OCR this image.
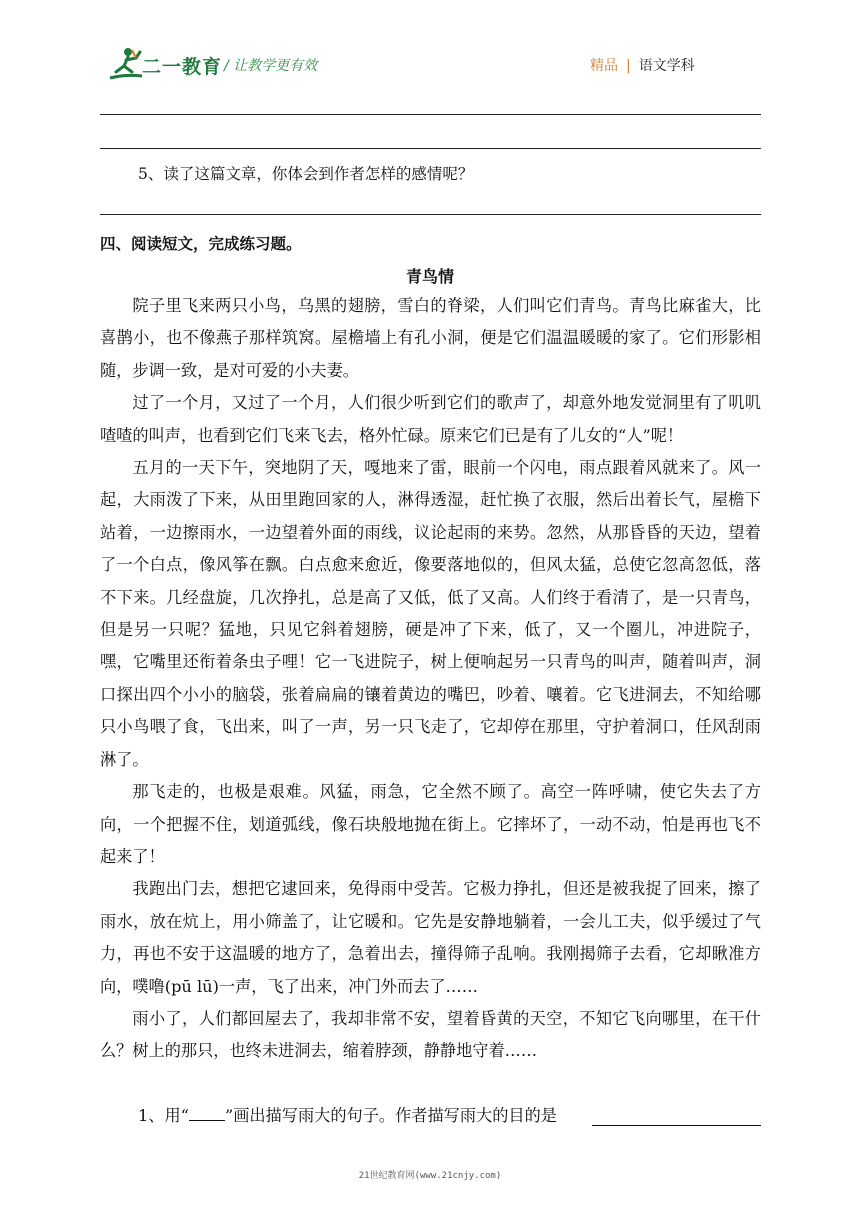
二一教育 / 让教学更有效	精品 | 语文学科
5、读了这篇文章，你体会到作者怎样的感情呢？
四、阅读短文，完成练习题。
青鸟情

院子里飞来两只小鸟，乌黑的翅膀，雪白的脊梁，人们叫它们青鸟。青鸟比麻雀大，比喜鹊小，也不像燕子那样筑窝。屋檐墙上有孔小洞，便是它们温温暖暖的家了。它们形影相随，步调一致，是对可爱的小夫妻。

过了一个月，又过了一个月，人们很少听到它们的歌声了，却意外地发觉洞里有了叽叽喳喳的叫声，也看到它们飞来飞去，格外忙碌。原来它们已是有了儿女的“人”呢！

五月的一天下午，突地阴了天，嘎地来了雷，眼前一个闪电，雨点跟着风就来了。风一起，大雨泼了下来，从田里跑回家的人，淋得透湿，赶忙换了衣服，然后出着长气，屋檐下站着，一边擦雨水，一边望着外面的雨线，议论起雨的来势。忽然，从那昏昏的天边，望着了一个白点，像风筝在飘。白点愈来愈近，像要落地似的，但风太猛，总使它忽高忽低，落不下来。几经盘旋，几次挣扎，总是高了又低，低了又高。人们终于看清了，是一只青鸟，但是另一只呢？猛地，只见它斜着翅膀，硬是冲了下来，低了，又一个圈儿，冲进院子，嘿，它嘴里还衔着条虫子哩！它一飞进院子，树上便响起另一只青鸟的叫声，随着叫声，洞口探出四个小小的脑袋，张着扁扁的镶着黄边的嘴巴，吵着、嚷着。它飞进洞去，不知给哪只小鸟喂了食，飞出来，叫了一声，另一只飞走了，它却停在那里，守护着洞口，任风刮雨淋了。

那飞走的，也极是艰难。风猛，雨急，它全然不顾了。高空一阵呼啸，使它失去了方向，一个把握不住，划道弧线，像石块般地抛在街上。它摔坏了，一动不动，怕是再也飞不起来了！

我跑出门去，想把它逮回来，免得雨中受苦。它极力挣扎，但还是被我捉了回来，擦了雨水，放在炕上，用小筛盖了，让它暖和。它先是安静地躺着，一会儿工夫，似乎缓过了气力，再也不安于这温暖的地方了，急着出去，撞得筛子乱响。我刚揭筛子去看，它却瞅准方向，噗噜(pū lū)一声，飞了出来，冲门外而去了……

雨小了，人们都回屋去了，我却非常不安，望着昏黄的天空，不知它飞向哪里，在干什么？树上的那只，也终未进洞去，缩着脖颈，静静地守着……

1、用“ ”画出描写雨大的句子。作者描写雨大的目的是
21世纪教育网(www.21cnjy.com)
